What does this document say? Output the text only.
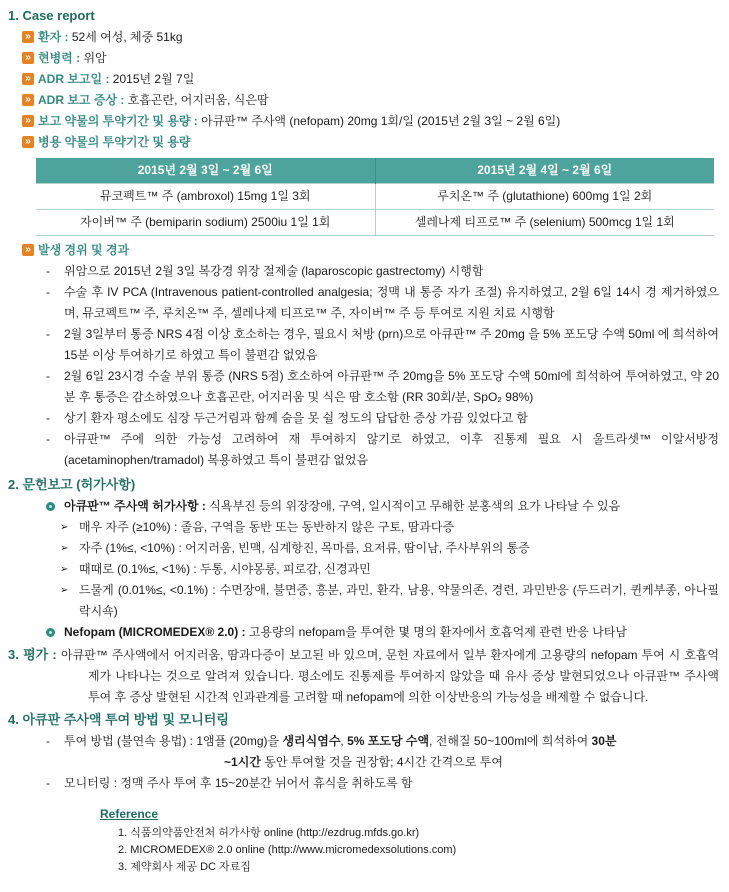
1. Case report
» 환자 : 52세 여성, 체중 51kg
» 현병력 : 위암
» ADR 보고일 : 2015년 2월 7일
» ADR 보고 증상 : 호흡곤란, 어지러움, 식은땀
» 보고 약물의 투약기간 및 용량 : 아큐판™ 주사액 (nefopam) 20mg 1회/일 (2015년 2월 3일 ~ 2월 6일)
» 병용 약물의 투약기간 및 용량
2015년 2월 3일 ~ 2월 6일	2015년 2월 4일 ~ 2월 6일
뮤코펙트™ 주 (ambroxol) 15mg 1일 3회	루치온™ 주 (glutathione) 600mg 1일 2회
자이버™ 주 (bemiparin sodium) 2500iu 1일 1회	셀레나제 티프로™ 주 (selenium) 500mcg 1일 1회
» 발생 경위 및 경과
- 위암으로 2015년 2월 3일 복강경 위장 절제술 (laparoscopic gastrectomy) 시행함
- 수술 후 IV PCA (Intravenous patient-controlled analgesia; 정맥 내 통증 자가 조절) 유지하였고, 2월 6일 14시 경 제거하였으며, 뮤코펙트™ 주, 루치온™ 주, 셀레나제 티프로™ 주, 자이버™ 주 등 투여로 지원 치료 시행함
- 2월 3일부터 통증 NRS 4점 이상 호소하는 경우, 필요시 처방 (prn)으로 아큐판™ 주 20mg 을 5% 포도당 수액 50ml 에 희석하여 15분 이상 투여하기로 하였고 특이 불편감 없었음
- 2월 6일 23시경 수술 부위 통증 (NRS 5점) 호소하여 아큐판™ 주 20mg을 5% 포도당 수액 50ml에 희석하여 투여하였고, 약 20분 후 통증은 감소하였으나 호흡곤란, 어지러움 및 식은 땀 호소함 (RR 30회/분, SpO₂ 98%)
- 상기 환자 평소에도 심장 두근거림과 함께 숨을 못 쉴 정도의 답답한 증상 가끔 있었다고 함
- 아큐판™ 주에 의한 가능성 고려하여 재 투여하지 않기로 하였고, 이후 진통제 필요 시 울트라셋™ 이알서방정 (acetaminophen/tramadol) 복용하였고 특이 불편감 없었음
2. 문헌보고 (허가사항)
아큐판™ 주사액 허가사항 : 식욕부진 등의 위장장애, 구역, 일시적이고 무해한 분홍색의 요가 나타날 수 있음
➢ 매우 자주 (≥10%) : 졸음, 구역을 동반 또는 동반하지 않은 구토, 땀과다증
➢ 자주 (1%≤, <10%) : 어지러움, 빈맥, 심계항진, 목마름, 요저류, 땀이남, 주사부위의 통증
➢ 때때로 (0.1%≤, <1%) : 두통, 시야몽롱, 피로감, 신경과민
➢ 드물게 (0.01%≤, <0.1%) : 수면장애, 불면증, 흥분, 과민, 환각, 남용, 약물의존, 경련, 과민반응 (두드러기, 퀸케부종, 아나필락시쇽)
Nefopam (MICROMEDEX® 2.0) : 고용량의 nefopam을 투여한 몇 명의 환자에서 호흡억제 관련 반응 나타남
3. 평가 : 아큐판™ 주사액에서 어지러움, 땀과다증이 보고된 바 있으며, 문헌 자료에서 일부 환자에게 고용량의 nefopam 투여 시 호흡억제가 나타나는 것으로 알려져 있습니다. 평소에도 진통제를 투여하지 않았을 때 유사 증상 발현되었으나 아큐판™ 주사액 투여 후 증상 발현된 시간적 인과관계를 고려할 때 nefopam에 의한 이상반응의 가능성을 배제할 수 없습니다.
4. 아큐판 주사액 투여 방법 및 모니터링
- 투여 방법 (불연속 용법) : 1앰플 (20mg)을 생리식염수, 5% 포도당 수액, 전해질 50~100ml에 희석하여 30분
~1시간 동안 투여할 것을 권장함; 4시간 간격으로 투여
- 모니터링 : 정맥 주사 투여 후 15~20분간 뉘어서 휴식을 취하도록 함
Reference
1. 식품의약품안전처 허가사항 online (http://ezdrug.mfds.go.kr)
2. MICROMEDEX® 2.0 online (http://www.micromedexsolutions.com)
3. 제약회사 제공 DC 자료집
